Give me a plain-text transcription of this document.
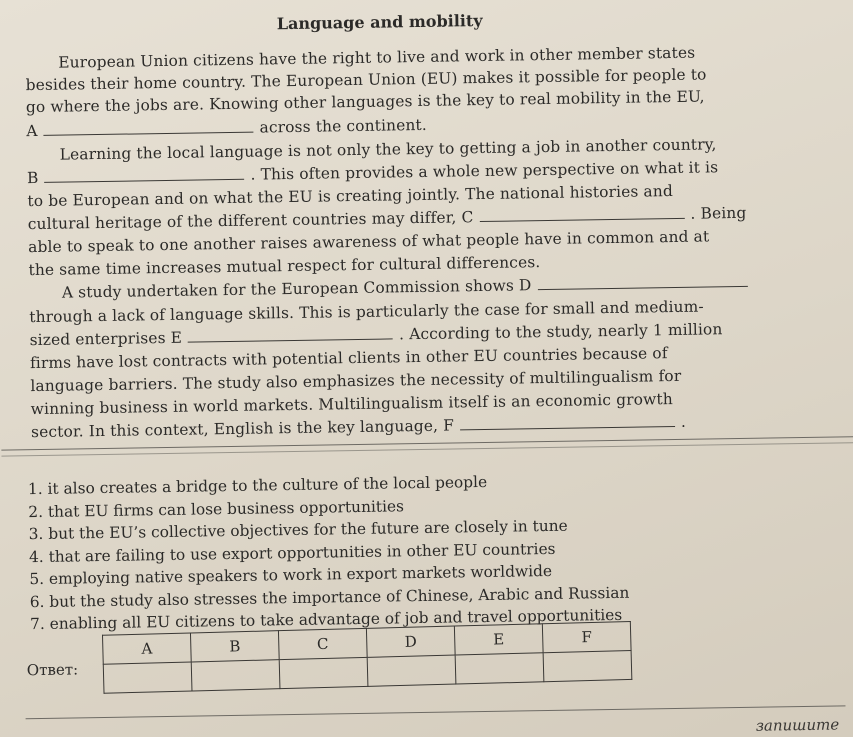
Language and mobility
European Union citizens have the right to live and work in other member states
besides their home country. The European Union (EU) makes it possible for people to
go where the jobs are. Knowing other languages is the key to real mobility in the EU,
A	across the continent.
Learning the local language is not only the key to getting a job in another country,
B	. This often provides a whole new perspective on what it is
to be European and on what the EU is creating jointly. The national histories and
cultural heritage of the different countries may differ, C	. Being
able to speak to one another raises awareness of what people have in common and at
the same time increases mutual respect for cultural differences.
A study undertaken for the European Commission shows D
through a lack of language skills. This is particularly the case for small and medium-
sized enterprises E	. According to the study, nearly 1 million
firms have lost contracts with potential clients in other EU countries because of
language barriers. The study also emphasizes the necessity of multilingualism for
winning business in world markets. Multilingualism itself is an economic growth
sector. In this context, English is the key language, F	.
1. it also creates a bridge to the culture of the local people
2. that EU firms can lose business opportunities
3. but the EU’s collective objectives for the future are closely in tune
4. that are failing to use export opportunities in other EU countries
5. employing native speakers to work in export markets worldwide
6. but the study also stresses the importance of Chinese, Arabic and Russian
7. enabling all EU citizens to take advantage of job and travel opportunities
Ответ:
A	B	C	D	E	F

запишите
